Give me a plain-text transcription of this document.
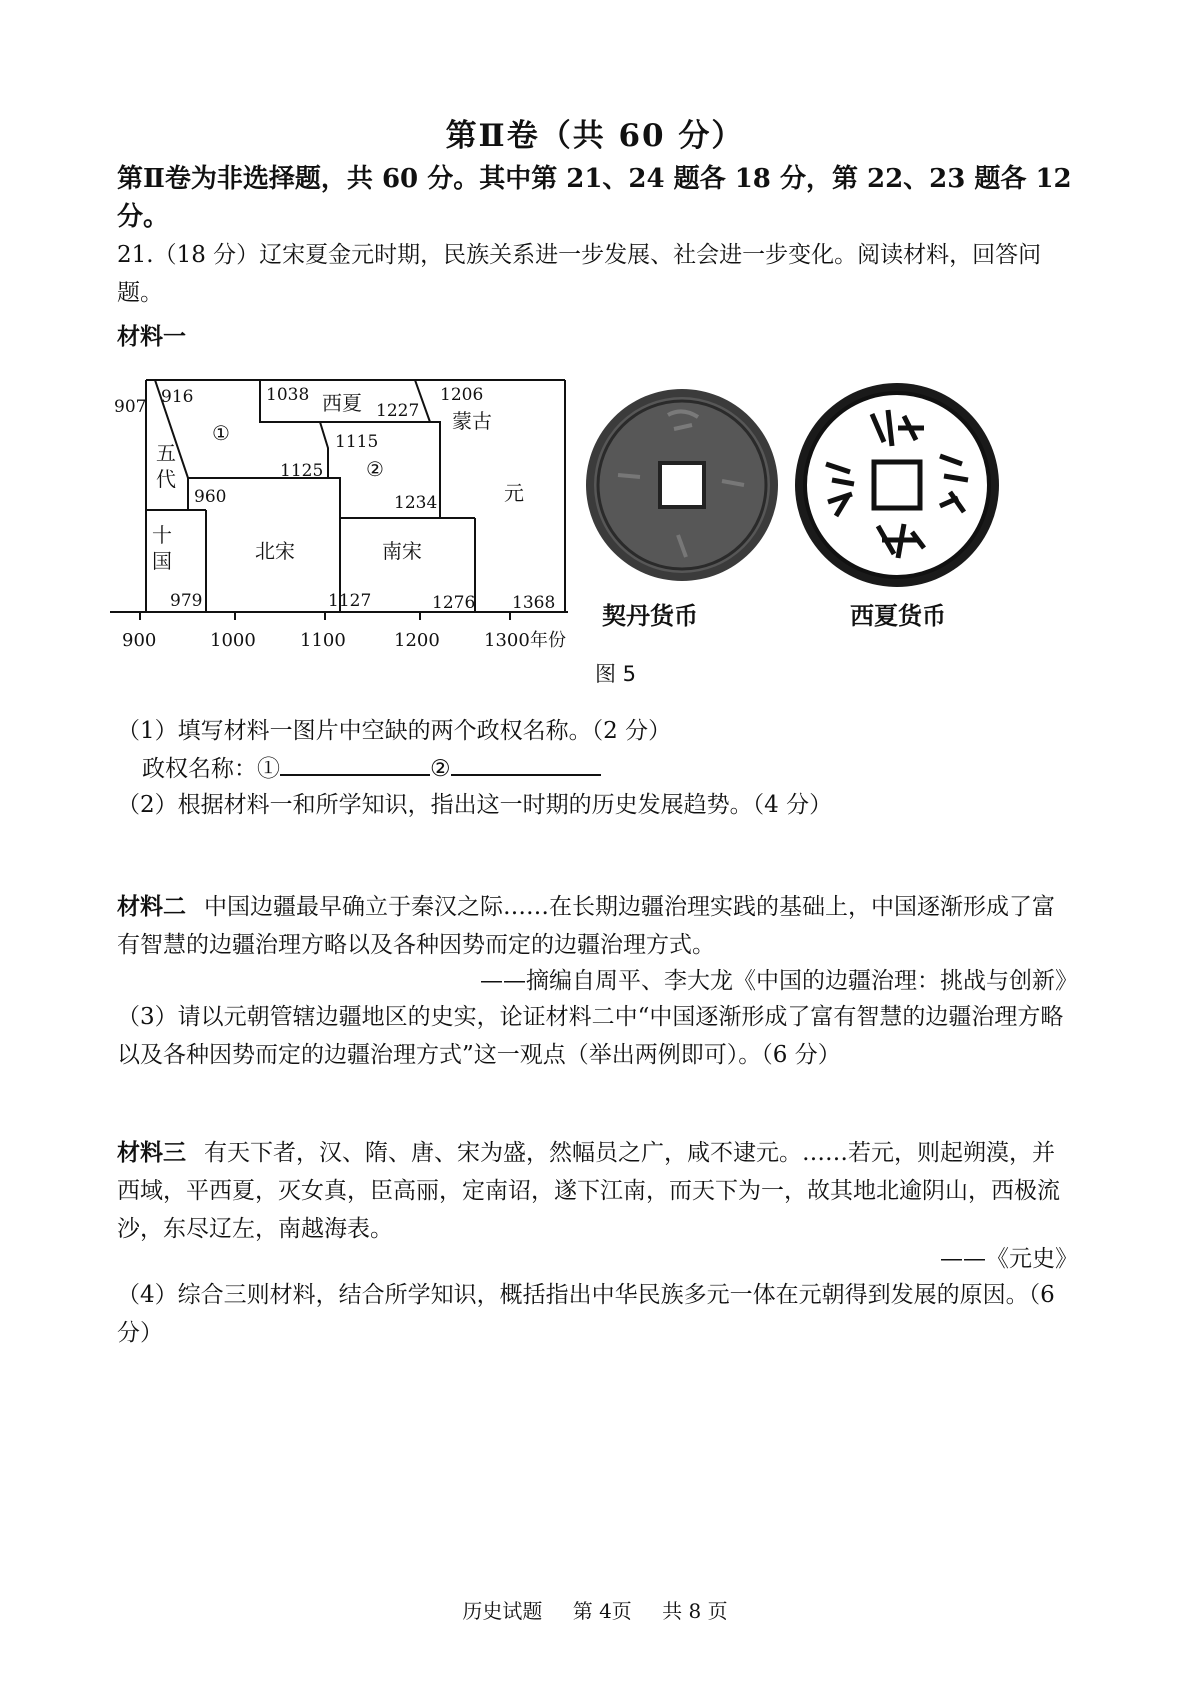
第Ⅱ卷（共 60 分）
第Ⅱ卷为非选择题，共 60 分。其中第 21、24 题各 18 分，第 22、23 题各 12 分。
21.（18 分）辽宋夏金元时期，民族关系进一步发展、社会进一步变化。阅读材料，回答问题。
材料一
907 916	1038
1227
1206
1115
1125
960	1234
979	1127	1276 1368
①
西夏
②
蒙古
元
北宋	南宋
五
代
十
国
900	1000 1100	1200 1300 年份
契丹货币	西夏货币
图 5
（1）填写材料一图片中空缺的两个政权名称。（2 分）
政权名称：①	②
（2）根据材料一和所学知识，指出这一时期的历史发展趋势。（4 分）
材料二 中国边疆最早确立于秦汉之际……在长期边疆治理实践的基础上，中国逐渐形成了富有智慧的边疆治理方略以及各种因势而定的边疆治理方式。
——摘编自周平、李大龙《中国的边疆治理：挑战与创新》
（3）请以元朝管辖边疆地区的史实，论证材料二中“中国逐渐形成了富有智慧的边疆治理方略以及各种因势而定的边疆治理方式”这一观点（举出两例即可）。（6 分）
材料三 有天下者，汉、隋、唐、宋为盛，然幅员之广，咸不逮元。……若元，则起朔漠，并西域，平西夏，灭女真，臣高丽，定南诏，遂下江南，而天下为一，故其地北逾阴山，西极流沙，东尽辽左，南越海表。
——《元史》
（4）综合三则材料，结合所学知识，概括指出中华民族多元一体在元朝得到发展的原因。（6 分）
历史试题 第 4页 共 8 页
